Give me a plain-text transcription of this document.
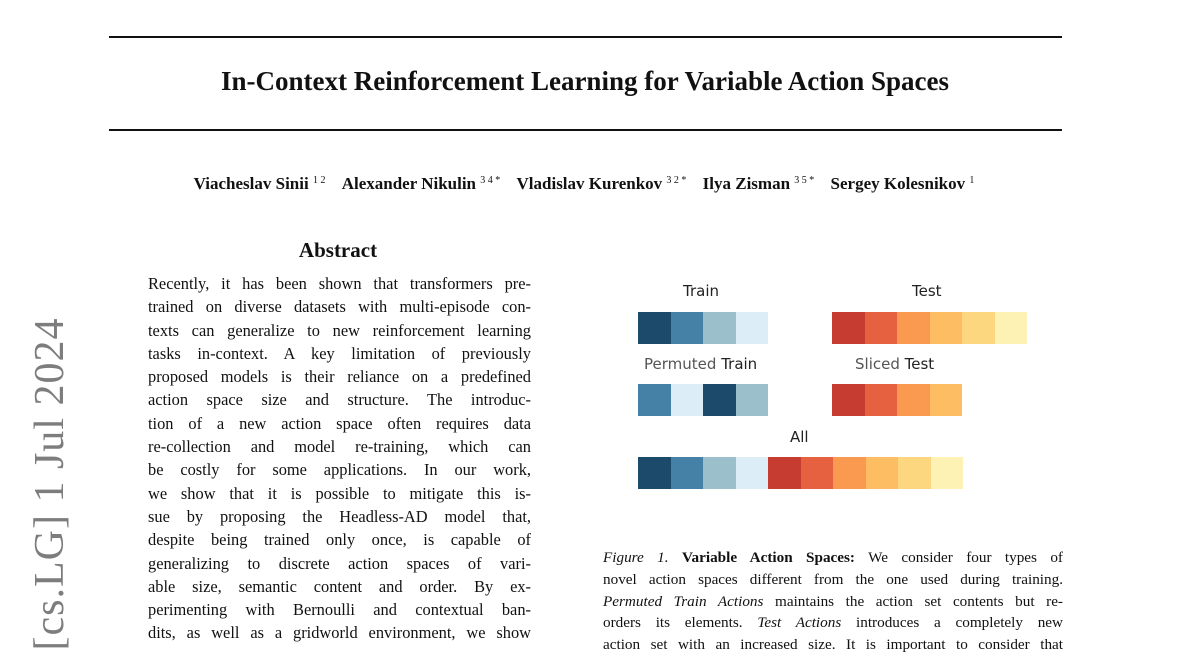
In-Context Reinforcement Learning for Variable Action Spaces
Viacheslav Sinii $^{1 2}$ Alexander Nikulin $^{3 4 *}$ Vladislav Kurenkov $^{3 2 *}$ Ilya Zisman $^{3 5 *}$ Sergey Kolesnikov $^1$
[cs.LG] 1 Jul 2024
Abstract
Recently, it has been shown that transformers pre-
trained on diverse datasets with multi-episode con-
texts can generalize to new reinforcement learning
tasks in-context. A key limitation of previously
proposed models is their reliance on a predefined
action space size and structure. The introduc-
tion of a new action space often requires data
re-collection and model re-training, which can
be costly for some applications. In our work,
we show that it is possible to mitigate this is-
sue by proposing the Headless-AD model that,
despite being trained only once, is capable of
generalizing to discrete action spaces of vari-
able size, semantic content and order. By ex-
perimenting with Bernoulli and contextual ban-
dits, as well as a gridworld environment, we show
Train	Test
Permuted Train	Sliced Test
All
Figure 1. Variable Action Spaces: We consider four types of
novel action spaces different from the one used during training.
Permuted Train Actions maintains the action set contents but re-
orders its elements. Test Actions introduces a completely new
action set with an increased size. It is important to consider that
